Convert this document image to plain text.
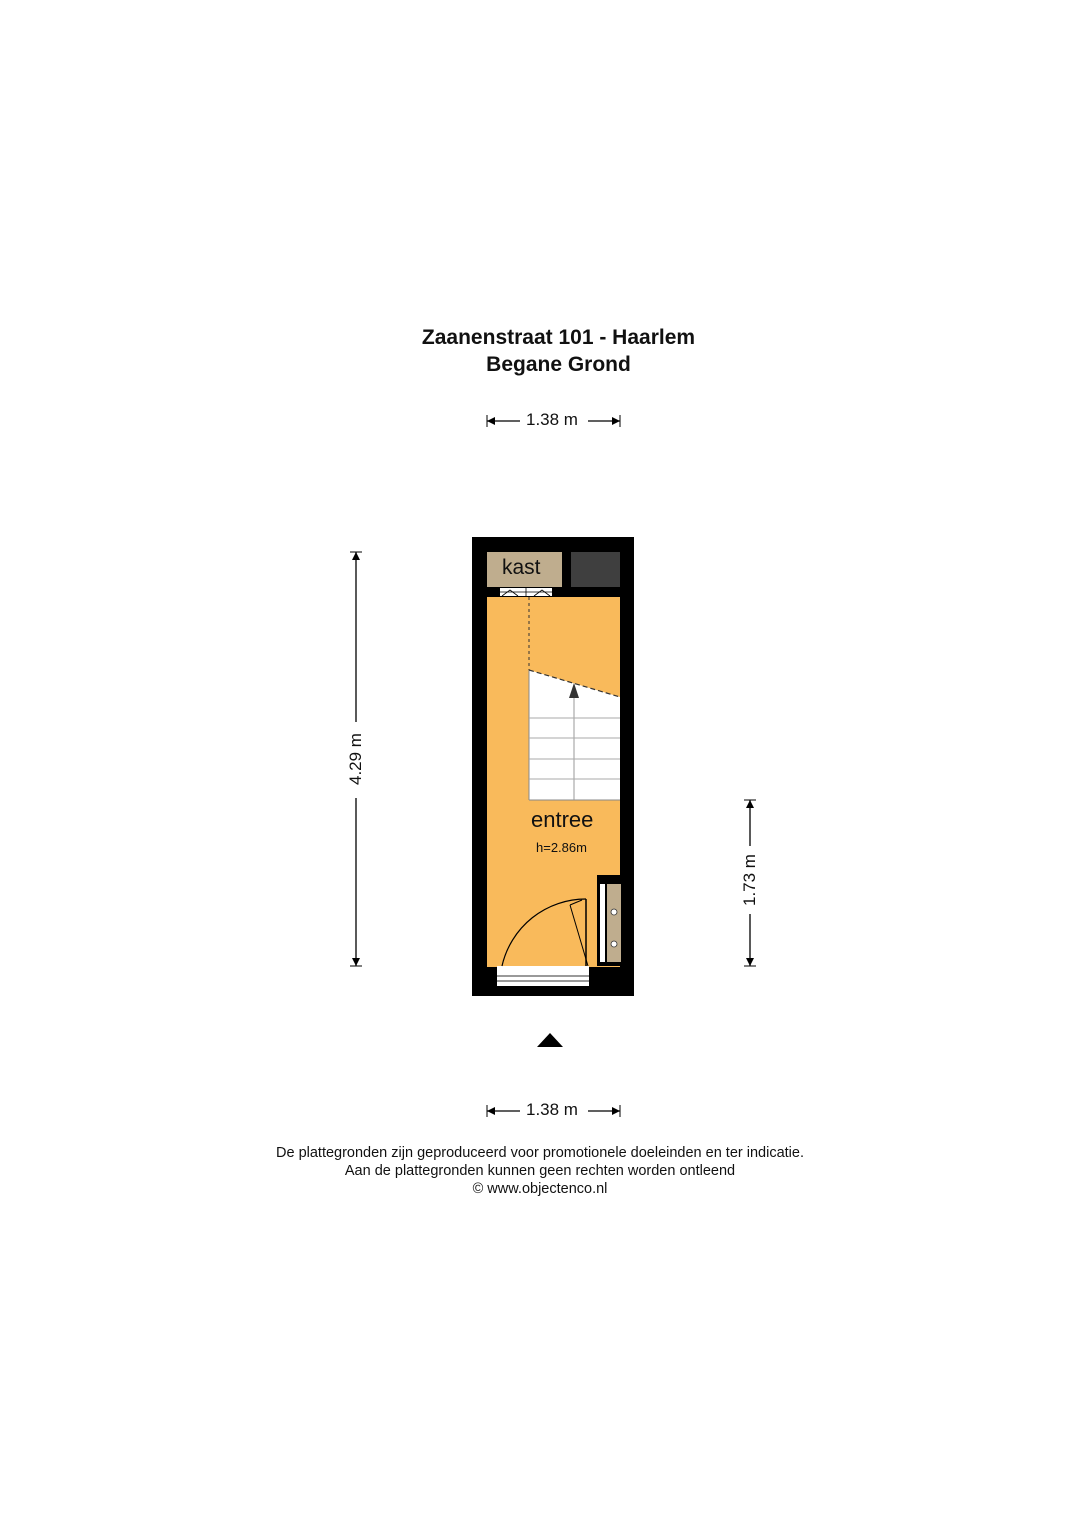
Zaanenstraat 101 - Haarlem
Begane Grond
1.38 m
1.38 m
4.29 m
1.73 m
kast
entree
h=2.86m
De plattegronden zijn geproduceerd voor promotionele doeleinden en ter indicatie.
Aan de plattegronden kunnen geen rechten worden ontleend
© www.objectenco.nl
